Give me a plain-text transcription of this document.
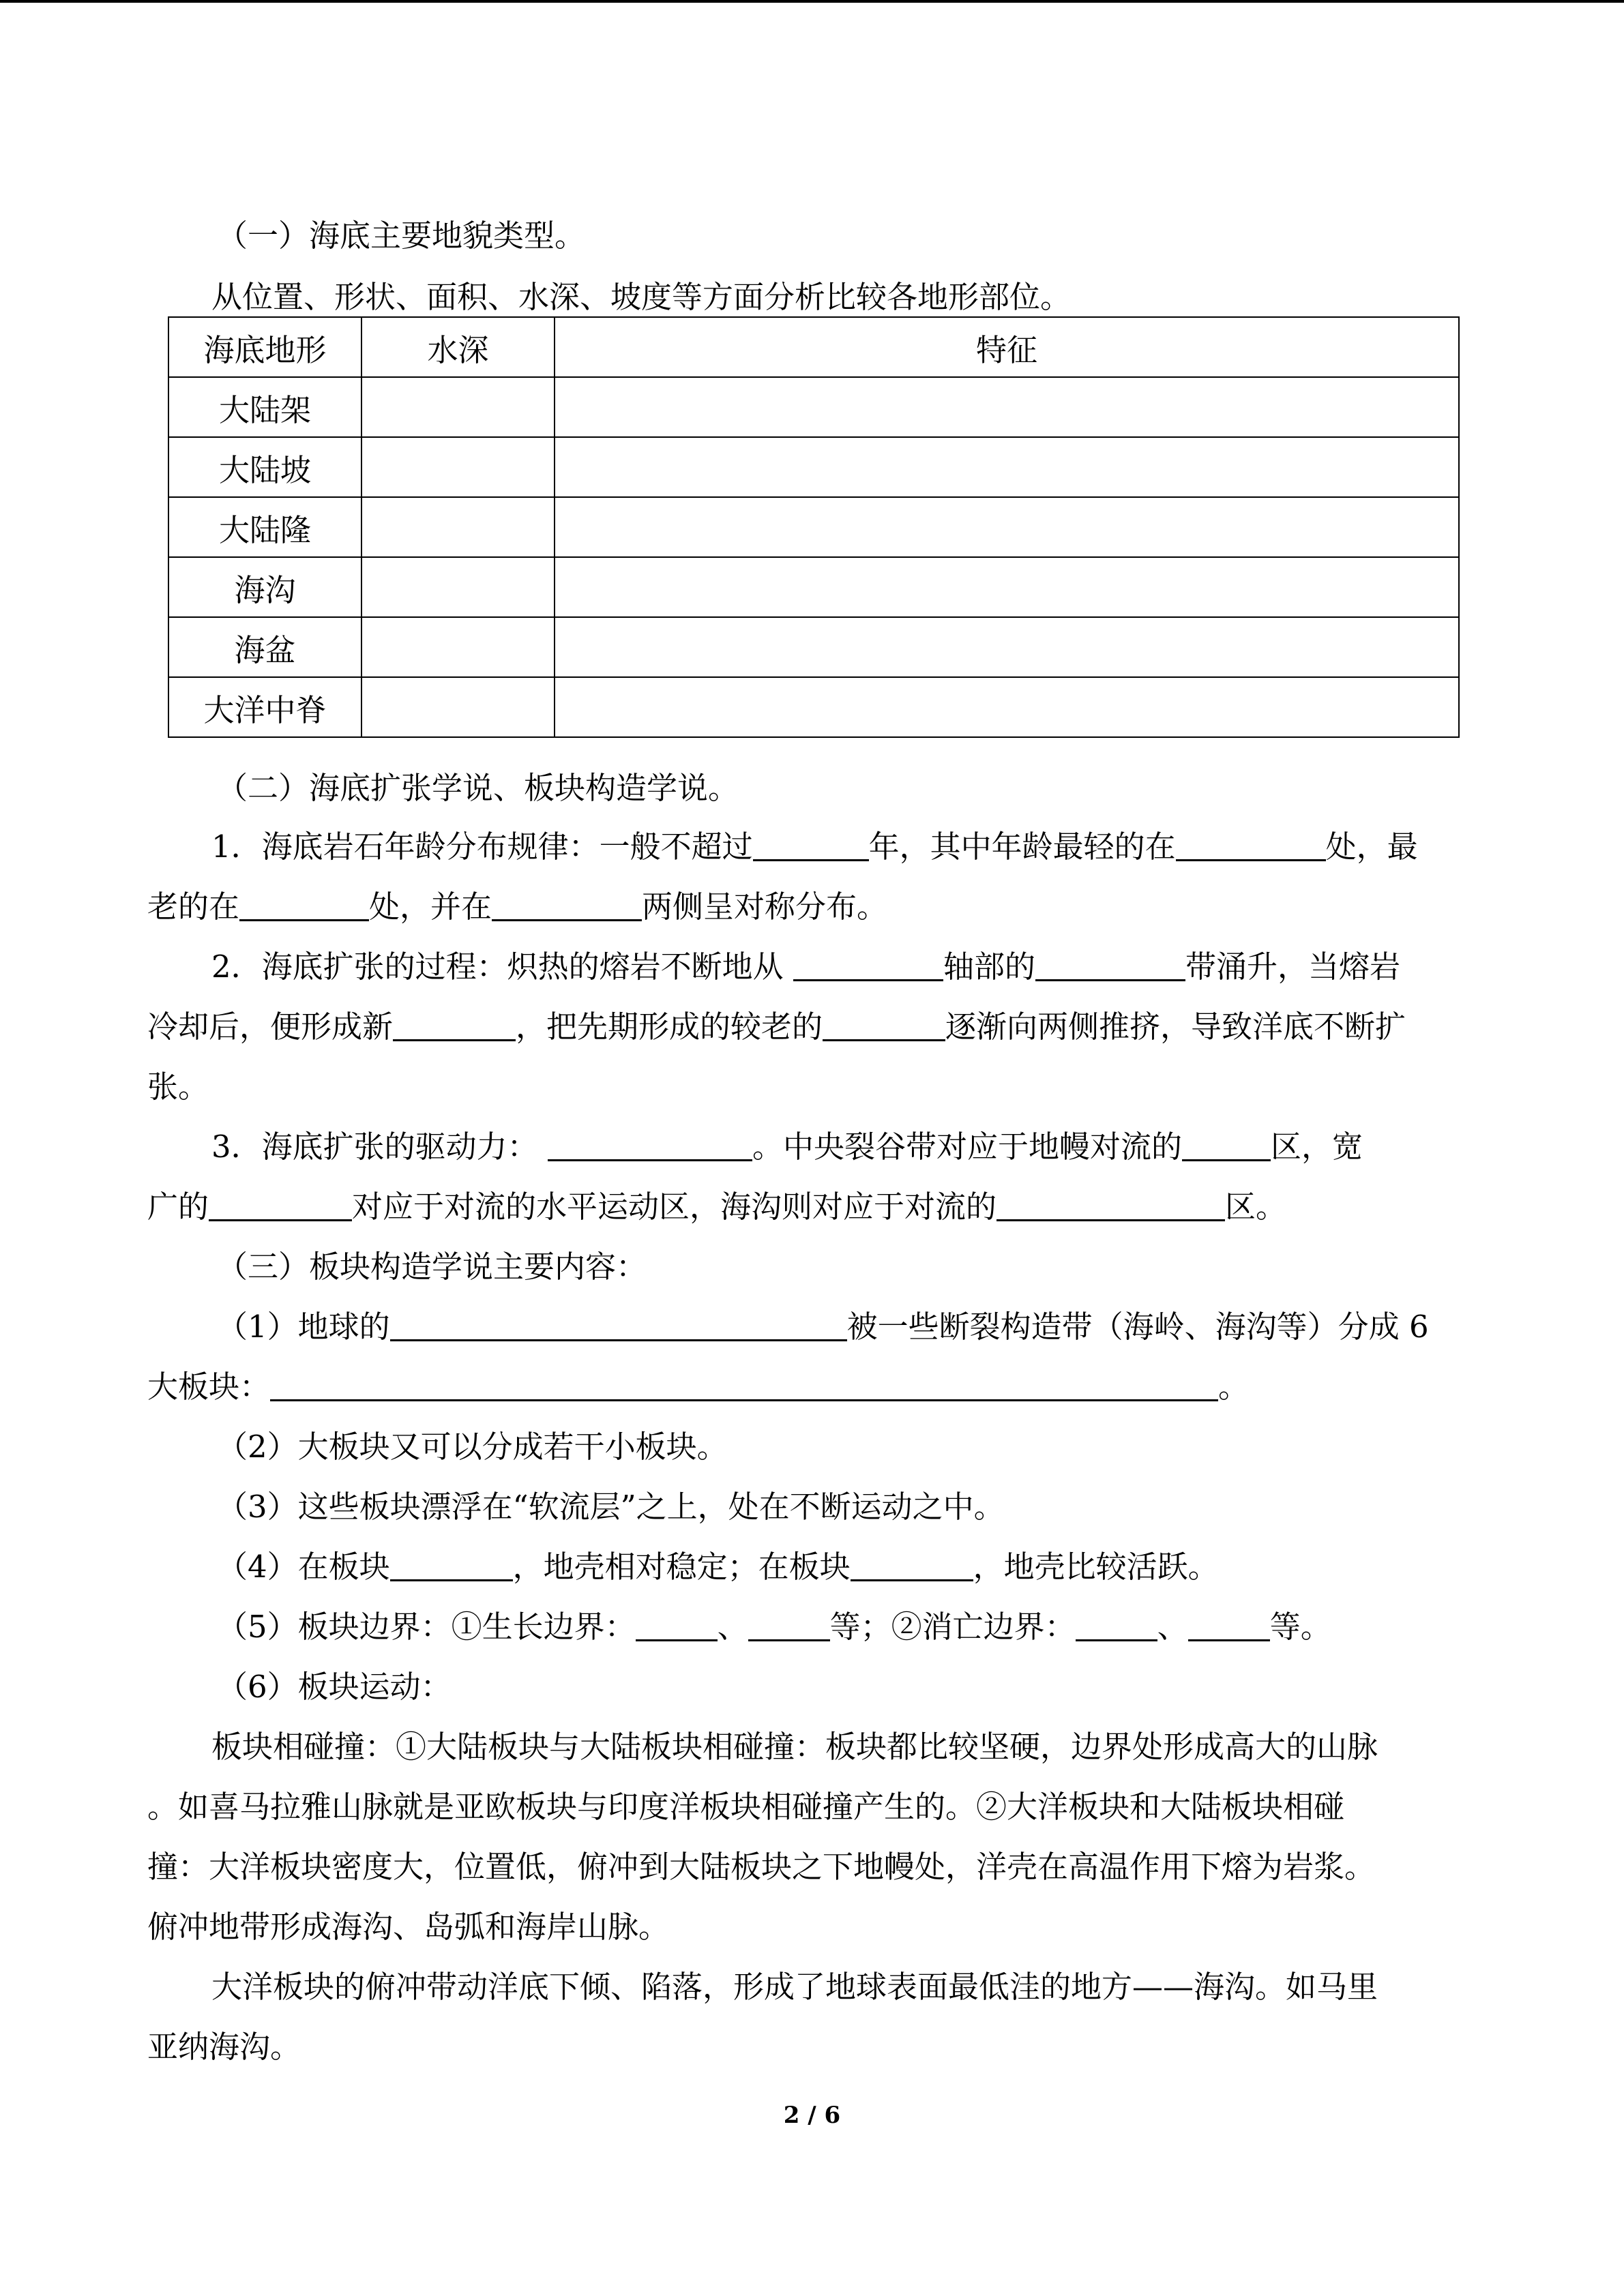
（一）海底主要地貌类型。
从位置、形状、面积、水深、坡度等方面分析比较各地形部位。
海底地形	水深	特征
大陆架		
大陆坡		
大陆隆		
海沟		
海盆		
大洋中脊		
（二）海底扩张学说、板块构造学说。
1．海底岩石年龄分布规律：一般不超过	年，其中年龄最轻的在	处，最
老的在	处，并在	两侧呈对称分布。
2．海底扩张的过程：炽热的熔岩不断地从	轴部的	带涌升，当熔岩
冷却后，便形成新	，把先期形成的较老的	逐渐向两侧推挤，导致洋底不断扩
张。
3．海底扩张的驱动力：	。中央裂谷带对应于地幔对流的	区，宽
广的	对应于对流的水平运动区，海沟则对应于对流的	区。
（三）板块构造学说主要内容：
（1）地球的	被一些断裂构造带（海岭、海沟等）分成 6
大板块：	。
（2）大板块又可以分成若干小板块。
（3）这些板块漂浮在“软流层”之上，处在不断运动之中。
（4）在板块	，地壳相对稳定；在板块	，地壳比较活跃。
（5）板块边界：①生长边界：	、	等；②消亡边界：	、	等。
（6）板块运动：
板块相碰撞：①大陆板块与大陆板块相碰撞：板块都比较坚硬，边界处形成高大的山脉
。如喜马拉雅山脉就是亚欧板块与印度洋板块相碰撞产生的。②大洋板块和大陆板块相碰
撞：大洋板块密度大，位置低，俯冲到大陆板块之下地幔处，洋壳在高温作用下熔为岩浆。
俯冲地带形成海沟、岛弧和海岸山脉。
大洋板块的俯冲带动洋底下倾、陷落，形成了地球表面最低洼的地方——海沟。如马里
亚纳海沟。
2 / 6
